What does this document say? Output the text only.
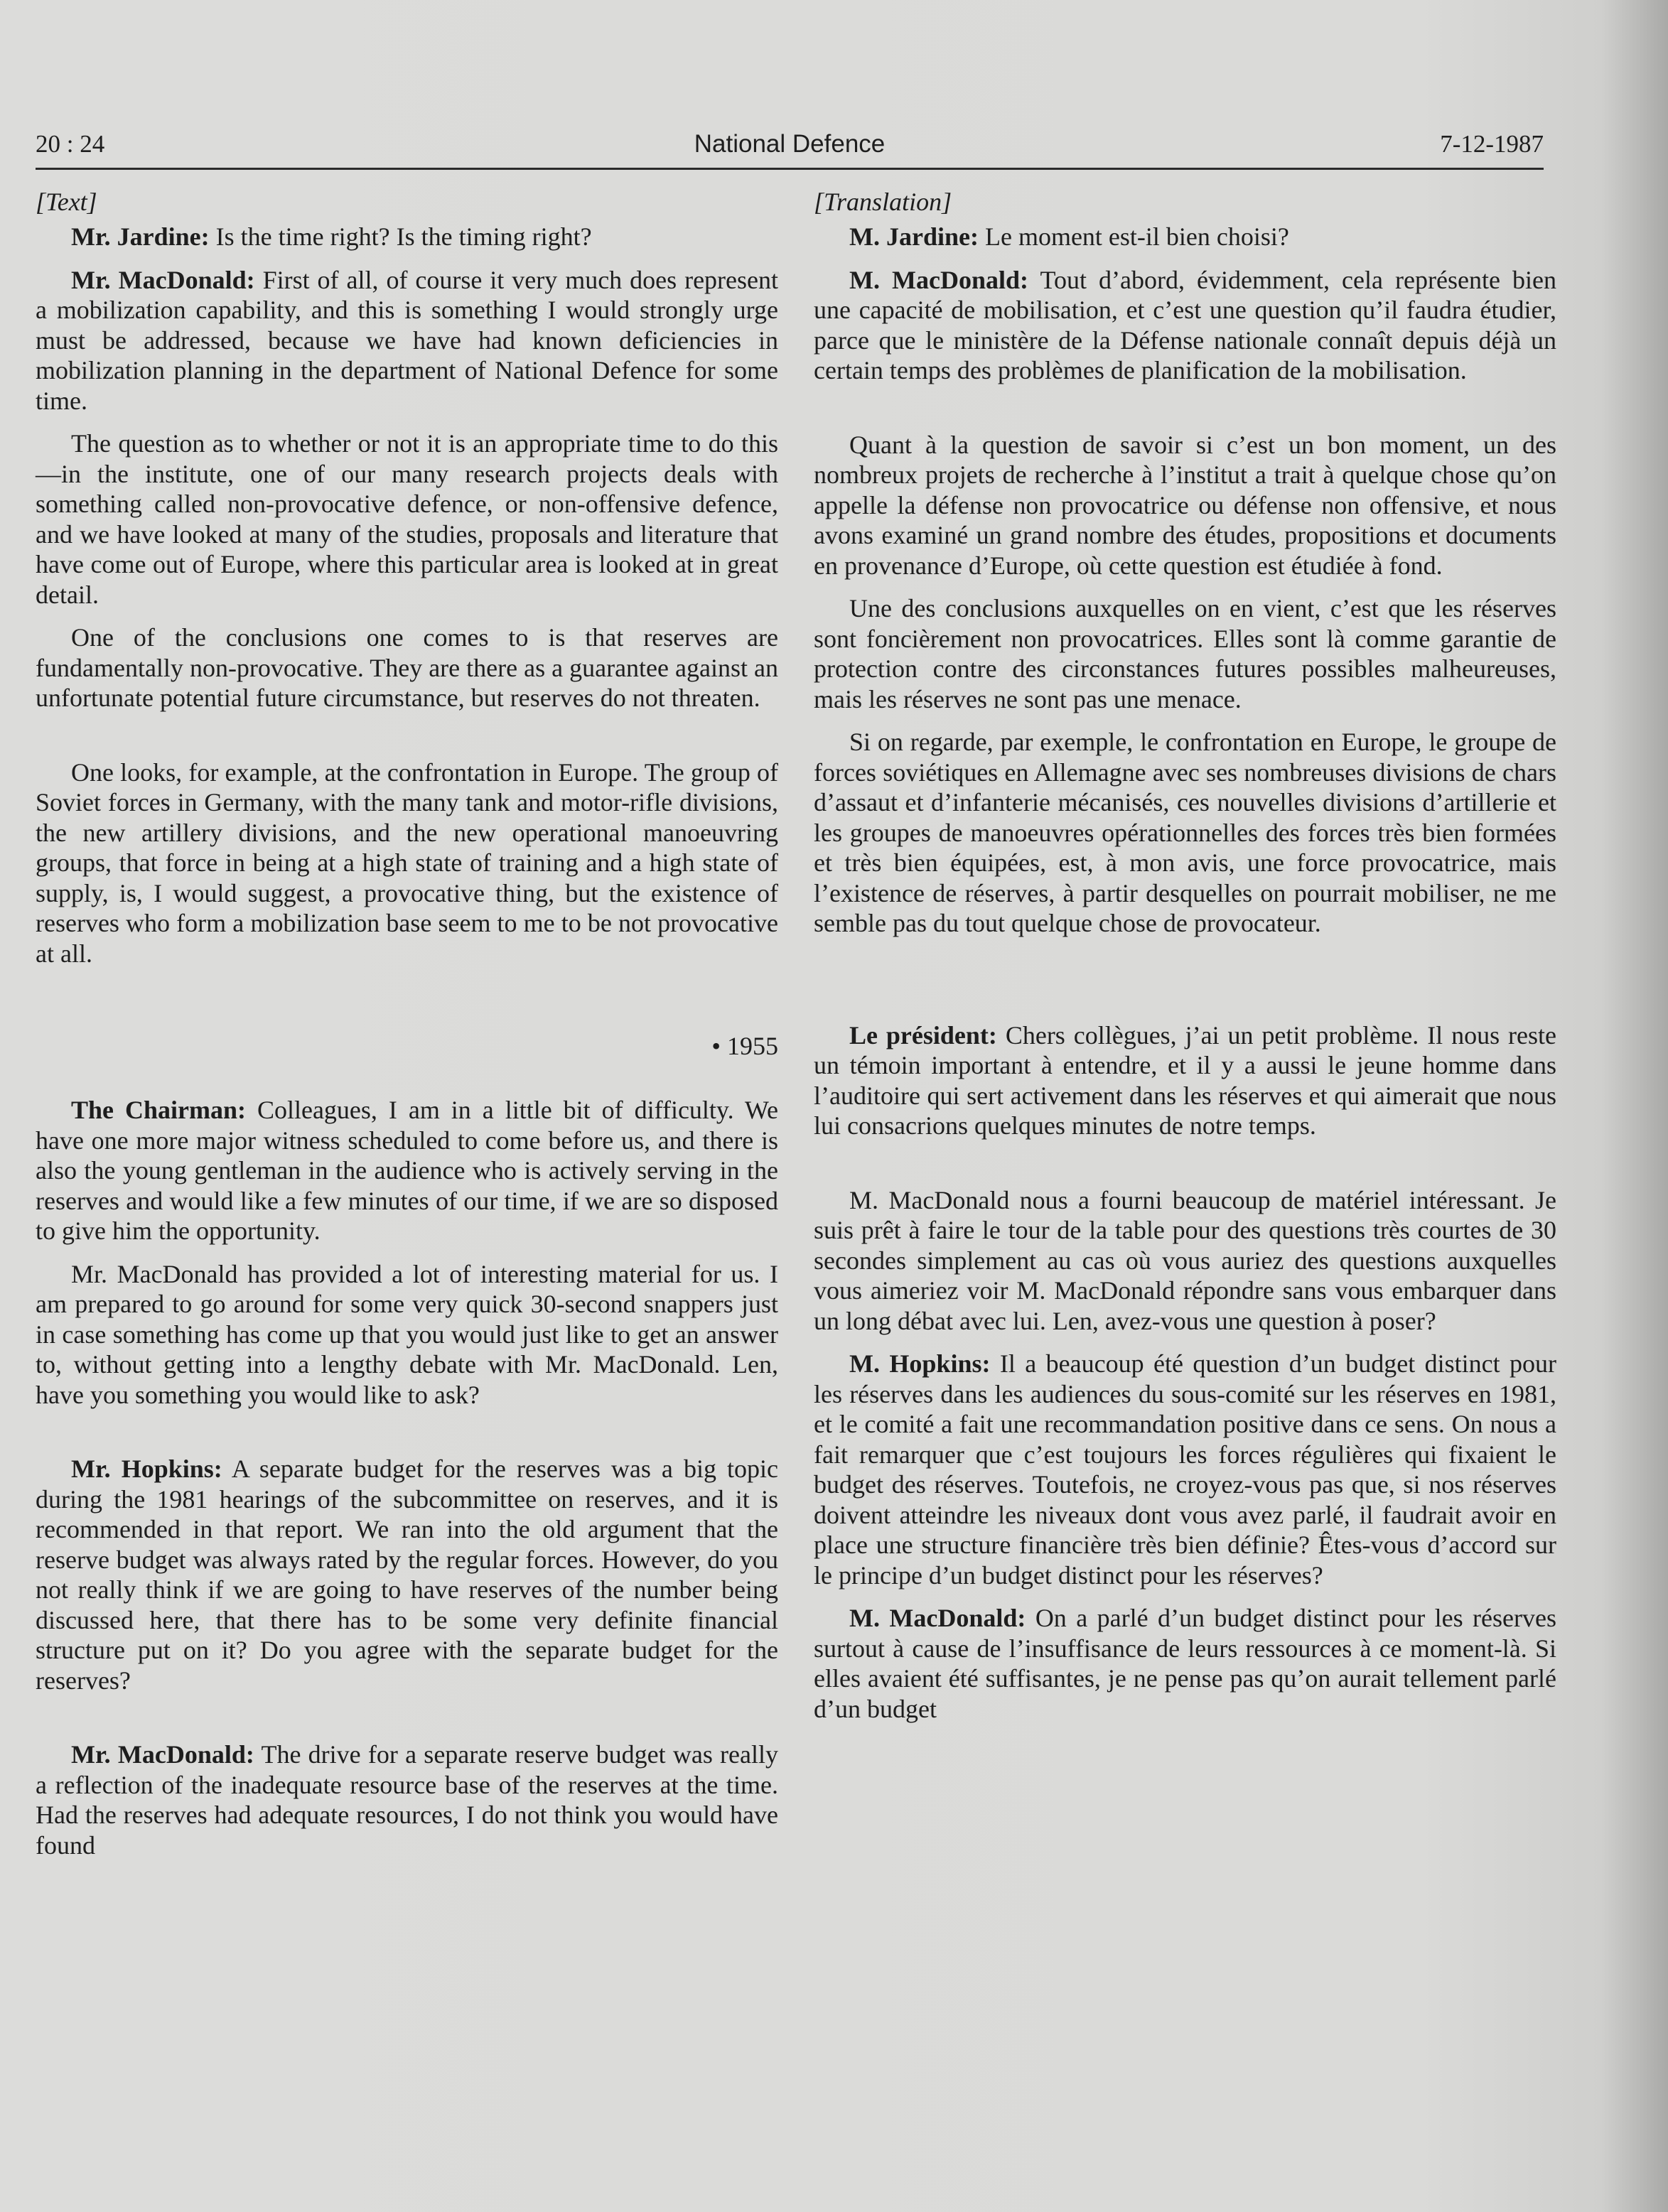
20 : 24	National Defence	7-12-1987
[Text]

Mr. Jardine: Is the time right? Is the timing right?

Mr. MacDonald: First of all, of course it very much does represent a mobilization capability, and this is something I would strongly urge must be addressed, because we have had known deficiencies in mobilization planning in the department of National Defence for some time.

The question as to whether or not it is an appropriate time to do this—in the institute, one of our many research projects deals with something called non-provocative defence, or non-offensive defence, and we have looked at many of the studies, proposals and literature that have come out of Europe, where this particular area is looked at in great detail.

One of the conclusions one comes to is that reserves are fundamentally non-provocative. They are there as a guarantee against an unfortunate potential future circumstance, but reserves do not threaten.

One looks, for example, at the confrontation in Europe. The group of Soviet forces in Germany, with the many tank and motor-rifle divisions, the new artillery divisions, and the new operational manoeuvring groups, that force in being at a high state of training and a high state of supply, is, I would suggest, a provocative thing, but the existence of reserves who form a mobilization base seem to me to be not provocative at all.

• 1955

The Chairman: Colleagues, I am in a little bit of difficulty. We have one more major witness scheduled to come before us, and there is also the young gentleman in the audience who is actively serving in the reserves and would like a few minutes of our time, if we are so disposed to give him the opportunity.

Mr. MacDonald has provided a lot of interesting material for us. I am prepared to go around for some very quick 30-second snappers just in case something has come up that you would just like to get an answer to, without getting into a lengthy debate with Mr. MacDonald. Len, have you something you would like to ask?

Mr. Hopkins: A separate budget for the reserves was a big topic during the 1981 hearings of the subcommittee on reserves, and it is recommended in that report. We ran into the old argument that the reserve budget was always rated by the regular forces. However, do you not really think if we are going to have reserves of the number being discussed here, that there has to be some very definite financial structure put on it? Do you agree with the separate budget for the reserves?

Mr. MacDonald: The drive for a separate reserve budget was really a reflection of the inadequate resource base of the reserves at the time. Had the reserves had adequate resources, I do not think you would have found

[Translation]

M. Jardine: Le moment est-il bien choisi?

M. MacDonald: Tout d’abord, évidemment, cela représente bien une capacité de mobilisation, et c’est une question qu’il faudra étudier, parce que le ministère de la Défense nationale connaît depuis déjà un certain temps des problèmes de planification de la mobilisation.

Quant à la question de savoir si c’est un bon moment, un des nombreux projets de recherche à l’institut a trait à quelque chose qu’on appelle la défense non provocatrice ou défense non offensive, et nous avons examiné un grand nombre des études, propositions et documents en provenance d’Europe, où cette question est étudiée à fond.

Une des conclusions auxquelles on en vient, c’est que les réserves sont foncièrement non provocatrices. Elles sont là comme garantie de protection contre des circonstances futures possibles malheureuses, mais les réserves ne sont pas une menace.

Si on regarde, par exemple, le confrontation en Europe, le groupe de forces soviétiques en Allemagne avec ses nombreuses divisions de chars d’assaut et d’infanterie mécanisés, ces nouvelles divisions d’artillerie et les groupes de manoeuvres opérationnelles des forces très bien formées et très bien équipées, est, à mon avis, une force provocatrice, mais l’existence de réserves, à partir desquelles on pourrait mobiliser, ne me semble pas du tout quelque chose de provocateur.

Le président: Chers collègues, j’ai un petit problème. Il nous reste un témoin important à entendre, et il y a aussi le jeune homme dans l’auditoire qui sert activement dans les réserves et qui aimerait que nous lui consacrions quelques minutes de notre temps.

M. MacDonald nous a fourni beaucoup de matériel intéressant. Je suis prêt à faire le tour de la table pour des questions très courtes de 30 secondes simplement au cas où vous auriez des questions auxquelles vous aimeriez voir M. MacDonald répondre sans vous embarquer dans un long débat avec lui. Len, avez-vous une question à poser?

M. Hopkins: Il a beaucoup été question d’un budget distinct pour les réserves dans les audiences du sous-comité sur les réserves en 1981, et le comité a fait une recommandation positive dans ce sens. On nous a fait remarquer que c’est toujours les forces régulières qui fixaient le budget des réserves. Toutefois, ne croyez-vous pas que, si nos réserves doivent atteindre les niveaux dont vous avez parlé, il faudrait avoir en place une structure financière très bien définie? Êtes-vous d’accord sur le principe d’un budget distinct pour les réserves?

M. MacDonald: On a parlé d’un budget distinct pour les réserves surtout à cause de l’insuffisance de leurs ressources à ce moment-là. Si elles avaient été suffisantes, je ne pense pas qu’on aurait tellement parlé d’un budget
